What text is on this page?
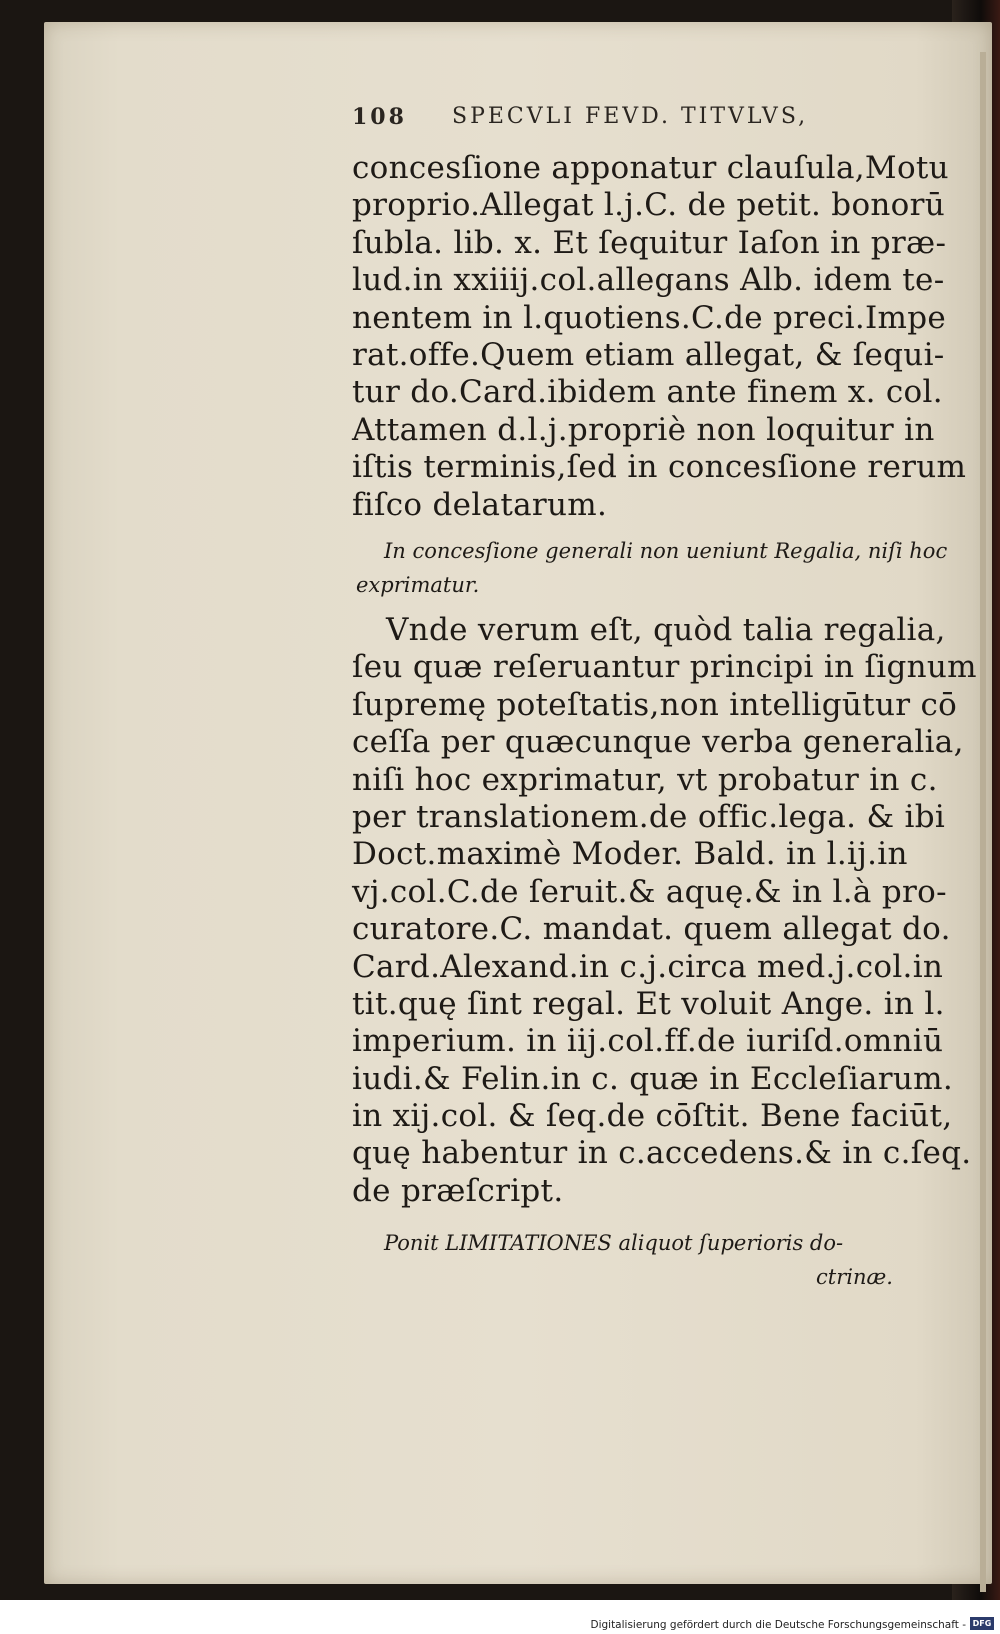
108 SPECVLI FEVD. TITVLVS,
concesſione apponatur clauſula,Motu
proprio.Allegat l.j.C. de petit. bonorū
ſubla. lib. x. Et ſequitur Iaſon in præ-
lud.in xxiiij.col.allegans Alb. idem te-
nentem in l.quotiens.C.de preci.Impe
rat.offe.Quem etiam allegat, & ſequi-
tur do.Card.ibidem ante finem x. col.
Attamen d.l.j.propriè non loquitur in
iſtis terminis,ſed in concesſione rerum
fiſco delatarum.
In concesſione generali non ueniunt Regalia, niſi hoc
exprimatur.
Vnde verum eſt, quòd talia regalia,
ſeu quæ reſeruantur principi in ſignum
ſupremę poteſtatis,non intelligūtur cō
ceſſa per quæcunque verba generalia,
niſi hoc exprimatur, vt probatur in c.
per translationem.de offic.lega. & ibi
Doct.maximè Moder. Bald. in l.ij.in
vj.col.C.de ſeruit.& aquę.& in l.à pro-
curatore.C. mandat. quem allegat do.
Card.Alexand.in c.j.circa med.j.col.in
tit.quę ſint regal. Et voluit Ange. in l.
imperium. in iij.col.ff.de iuriſd.omniū
iudi.& Felin.in c. quæ in Eccleſiarum.
in xij.col. & ſeq.de cōſtit. Bene faciūt,
quę habentur in c.accedens.& in c.ſeq.
de præſcript.
Ponit LIMITATIONES aliquot ſuperioris do-
ctrinæ.
Digitalisierung gefördert durch die Deutsche Forschungsgemeinschaft - DFG
